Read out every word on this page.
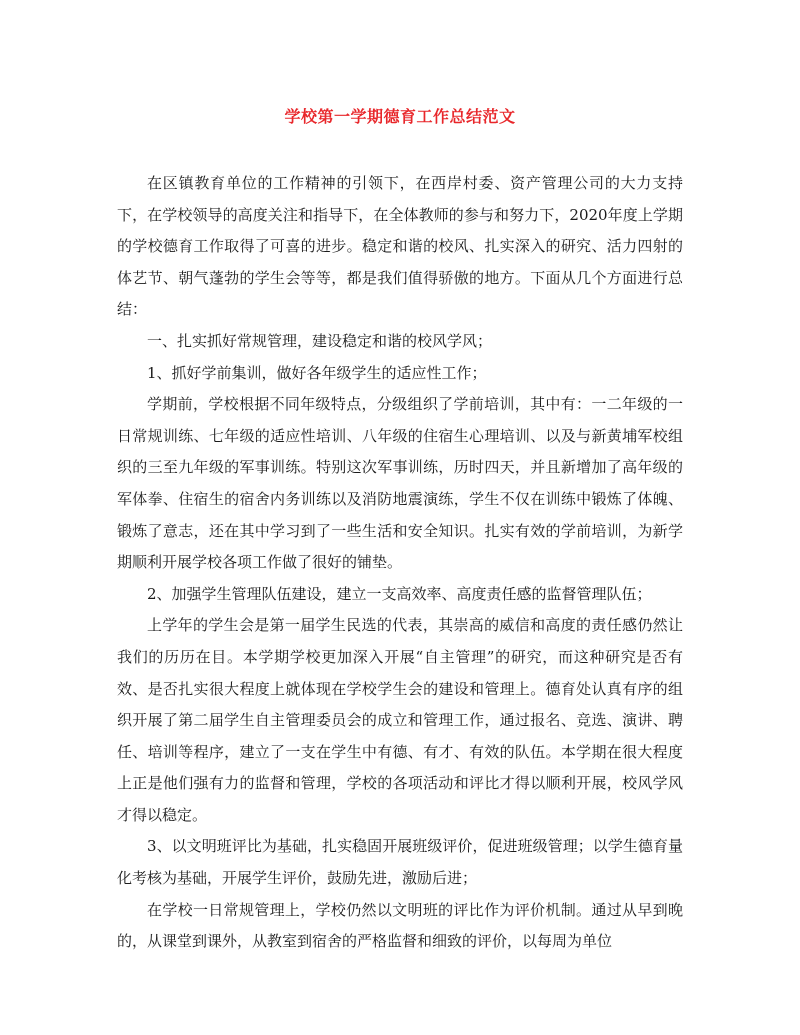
学校第一学期德育工作总结范文

在区镇教育单位的工作精神的引领下，在西岸村委、资产管理公司的大力支持下，在学校领导的高度关注和指导下，在全体教师的参与和努力下，2020年度上学期的学校德育工作取得了可喜的进步。稳定和谐的校风、扎实深入的研究、活力四射的体艺节、朝气蓬勃的学生会等等，都是我们值得骄傲的地方。下面从几个方面进行总结：

一、扎实抓好常规管理，建设稳定和谐的校风学风；

1、抓好学前集训，做好各年级学生的适应性工作；

学期前，学校根据不同年级特点，分级组织了学前培训，其中有：一二年级的一日常规训练、七年级的适应性培训、八年级的住宿生心理培训、以及与新黄埔军校组织的三至九年级的军事训练。特别这次军事训练，历时四天，并且新增加了高年级的军体拳、住宿生的宿舍内务训练以及消防地震演练，学生不仅在训练中锻炼了体魄、锻炼了意志，还在其中学习到了一些生活和安全知识。扎实有效的学前培训，为新学期顺利开展学校各项工作做了很好的铺垫。

2、加强学生管理队伍建设，建立一支高效率、高度责任感的监督管理队伍；

上学年的学生会是第一届学生民选的代表，其崇高的威信和高度的责任感仍然让我们的历历在目。本学期学校更加深入开展“自主管理”的研究，而这种研究是否有效、是否扎实很大程度上就体现在学校学生会的建设和管理上。德育处认真有序的组织开展了第二届学生自主管理委员会的成立和管理工作，通过报名、竞选、演讲、聘任、培训等程序，建立了一支在学生中有德、有才、有效的队伍。本学期在很大程度上正是他们强有力的监督和管理，学校的各项活动和评比才得以顺利开展，校风学风才得以稳定。

3、以文明班评比为基础，扎实稳固开展班级评价，促进班级管理；以学生德育量化考核为基础，开展学生评价，鼓励先进，激励后进；

在学校一日常规管理上，学校仍然以文明班的评比作为评价机制。通过从早到晚的，从课堂到课外，从教室到宿舍的严格监督和细致的评价，以每周为单位
